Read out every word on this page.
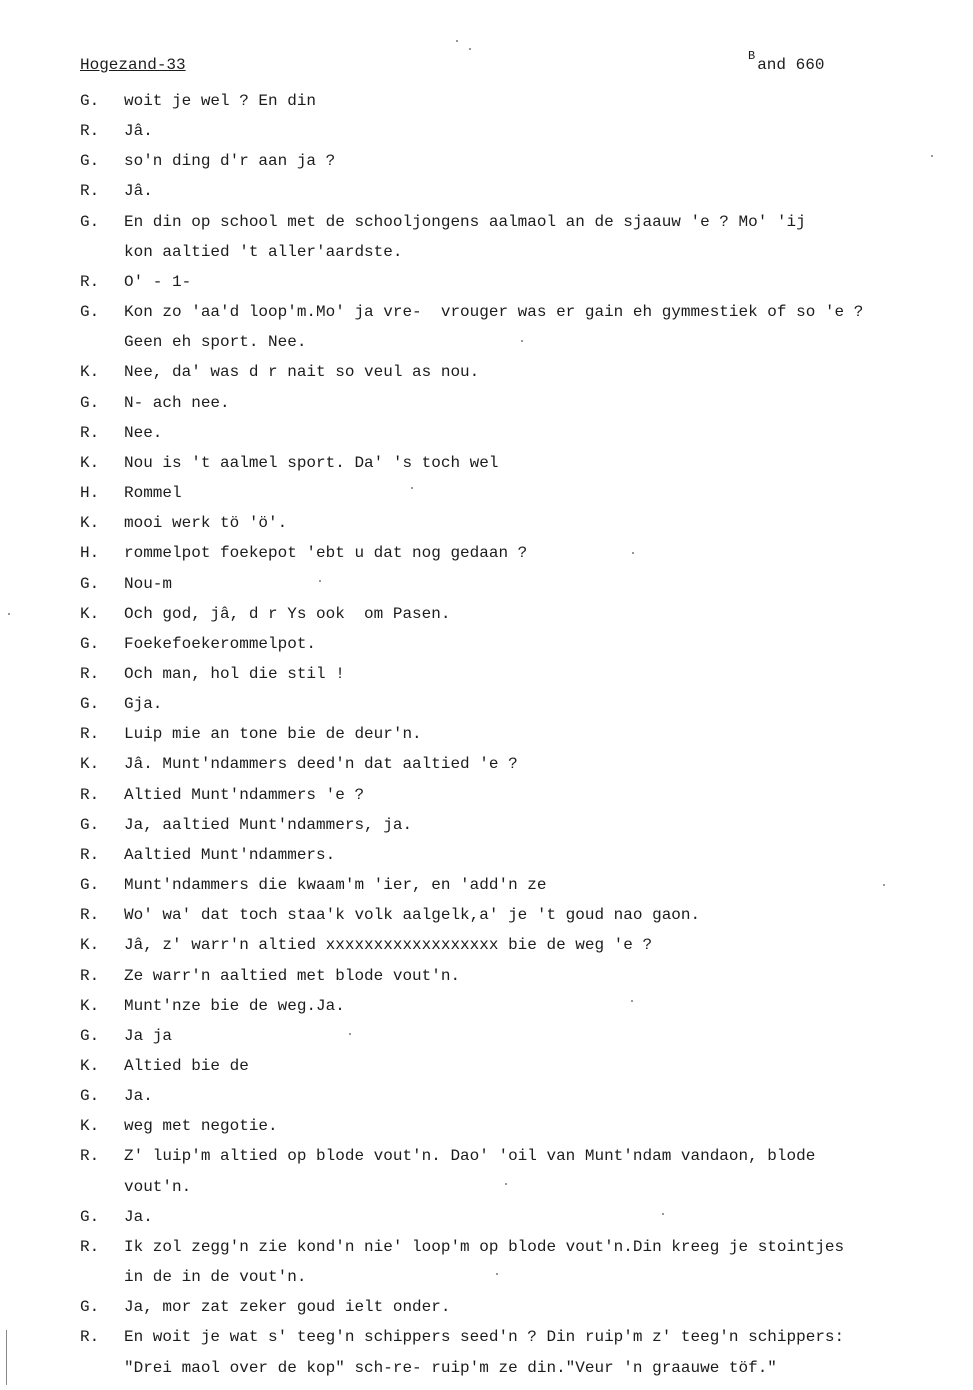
Hogezand-33	$^B$ and 660
G.	woit je wel ? En din
R.	Jâ.
G.	so'n ding d'r aan ja ?
R.	Jâ.
G.	En din op school met de schooljongens aalmaol an de sjaauw 'e ? Mo' 'ij
kon aaltied 't aller'aardste.
R.	O' - 1-
G.	Kon zo 'aa'd loop'm.Mo' ja vre-  vrouger was er gain eh gymmestiek of so 'e ?
Geen eh sport. Nee.
K.	Nee, da' was d r nait so veul as nou.
G.	N- ach nee.
R.	Nee.
K.	Nou is 't aalmel sport. Da' 's toch wel
H.	Rommel
K.	mooi werk tö 'ö'.
H.	rommelpot foekepot 'ebt u dat nog gedaan ?
G.	Nou-m
K.	Och god, jâ, d r Ys ook  om Pasen.
G.	Foekefoekerommelpot.
R.	Och man, hol die stil !
G.	Gja.
R.	Luip mie an tone bie de deur'n.
K.	Jâ. Munt'ndammers deed'n dat aaltied 'e ?
R.	Altied Munt'ndammers 'e ?
G.	Ja, aaltied Munt'ndammers, ja.
R.	Aaltied Munt'ndammers.
G.	Munt'ndammers die kwaam'm 'ier, en 'add'n ze
R.	Wo' wa' dat toch staa'k volk aalgelk,a' je 't goud nao gaon.
K.	Jâ, z' warr'n altied xxxxxxxxxxxxxxxxxx bie de weg 'e ?
R.	Ze warr'n aaltied met blode vout'n.
K.	Munt'nze bie de weg.Ja.
G.	Ja ja
K.	Altied bie de
G.	Ja.
K.	weg met negotie.
R.	Z' luip'm altied op blode vout'n. Dao' 'oil van Munt'ndam vandaon, blode
vout'n.
G.	Ja.
R.	Ik zol zegg'n zie kond'n nie' loop'm op blode vout'n.Din kreeg je stointjes
in de in de vout'n.
G.	Ja, mor zat zeker goud ielt onder.
R.	En woit je wat s' teeg'n schippers seed'n ? Din ruip'm z' teeg'n schippers:
"Drei maol over de kop" sch-re- ruip'm ze din."Veur 'n graauwe töf."
